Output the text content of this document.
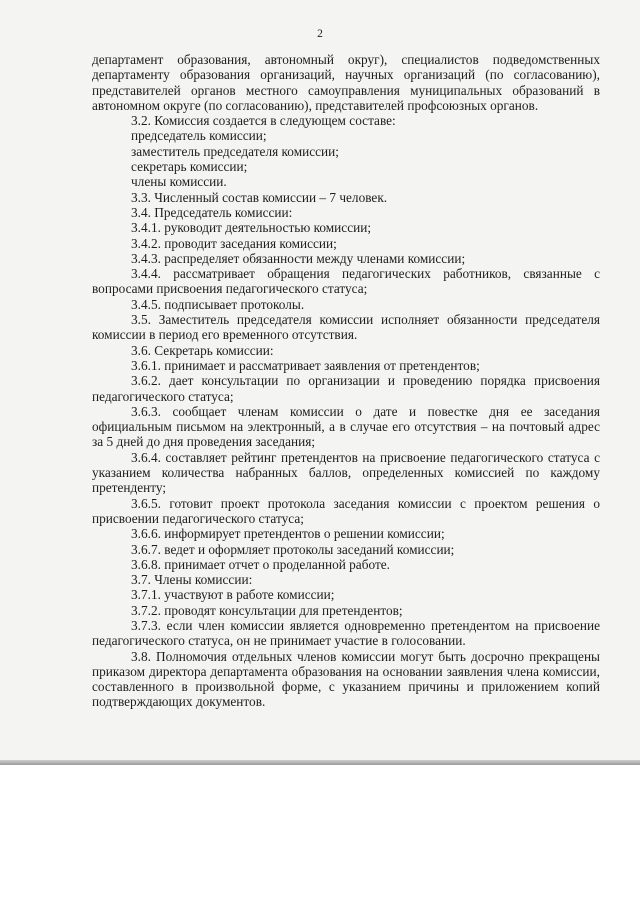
2

департамент образования, автономный округ), специалистов подведомственных департаменту образования организаций, научных организаций (по согласованию), представителей органов местного самоуправления муниципальных образований в автономном округе (по согласованию), представителей профсоюзных органов.

3.2. Комиссия создается в следующем составе:

председатель комиссии;

заместитель председателя комиссии;

секретарь комиссии;

члены комиссии.

3.3. Численный состав комиссии – 7 человек.

3.4. Председатель комиссии:

3.4.1. руководит деятельностью комиссии;

3.4.2. проводит заседания комиссии;

3.4.3. распределяет обязанности между членами комиссии;

3.4.4. рассматривает обращения педагогических работников, связанные с вопросами присвоения педагогического статуса;

3.4.5. подписывает протоколы.

3.5. Заместитель председателя комиссии исполняет обязанности председателя комиссии в период его временного отсутствия.

3.6. Секретарь комиссии:

3.6.1. принимает и рассматривает заявления от претендентов;

3.6.2. дает консультации по организации и проведению порядка присвоения педагогического статуса;

3.6.3. сообщает членам комиссии о дате и повестке дня ее заседания официальным письмом на электронный, а в случае его отсутствия – на почтовый адрес за 5 дней до дня проведения заседания;

3.6.4. составляет рейтинг претендентов на присвоение педагогического статуса с указанием количества набранных баллов, определенных комиссией по каждому претенденту;

3.6.5. готовит проект протокола заседания комиссии с проектом решения о присвоении педагогического статуса;

3.6.6. информирует претендентов о решении комиссии;

3.6.7. ведет и оформляет протоколы заседаний комиссии;

3.6.8. принимает отчет о проделанной работе.

3.7. Члены комиссии:

3.7.1. участвуют в работе комиссии;

3.7.2. проводят консультации для претендентов;

3.7.3. если член комиссии является одновременно претендентом на присвоение педагогического статуса, он не принимает участие в голосовании.

3.8. Полномочия отдельных членов комиссии могут быть досрочно прекращены приказом директора департамента образования на основании заявления члена комиссии, составленного в произвольной форме, с указанием причины и приложением копий подтверждающих документов.
